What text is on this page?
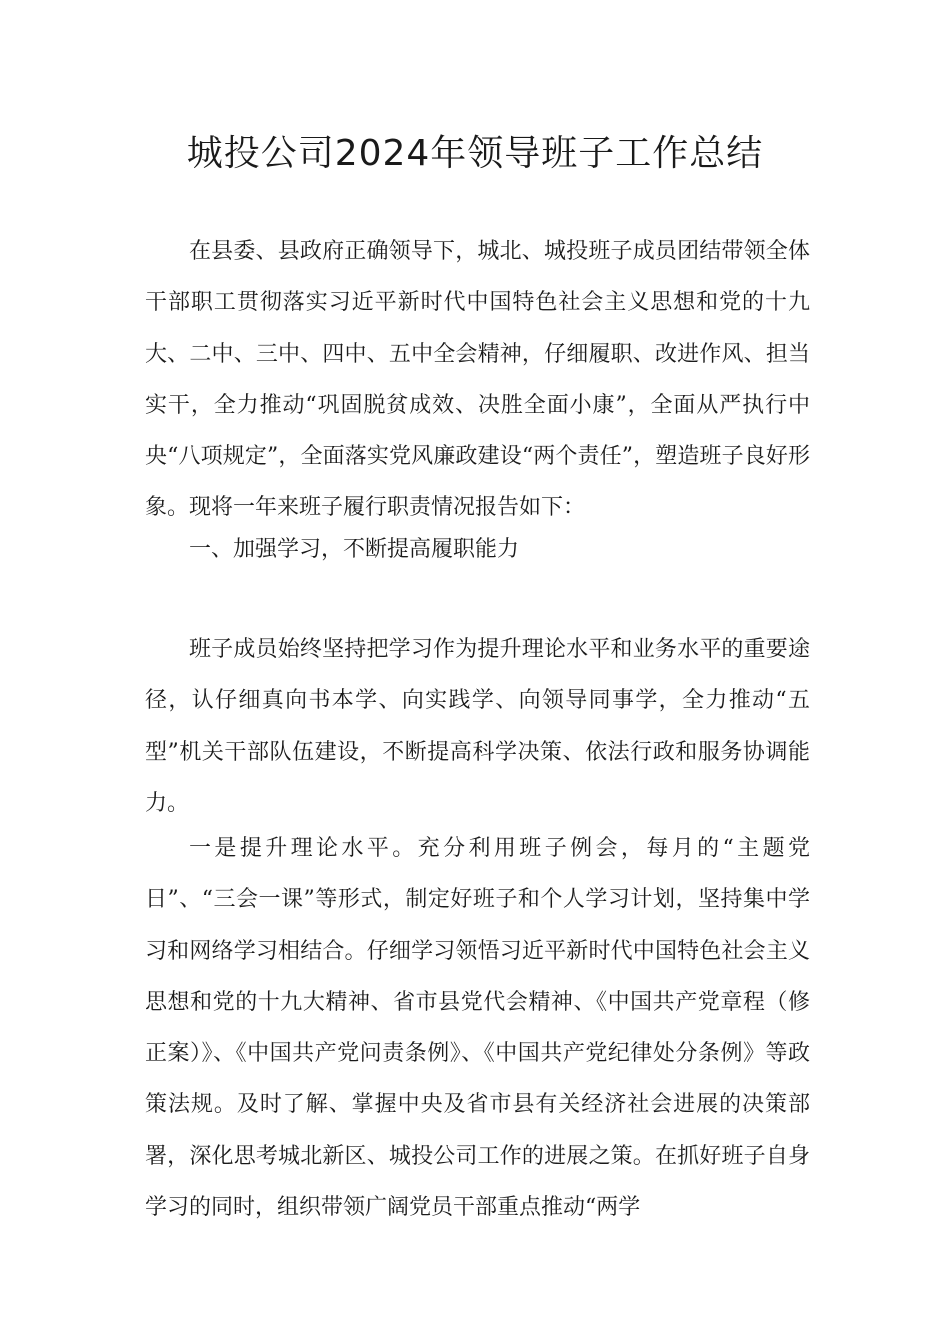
城投公司2024年领导班子工作总结

在县委、县政府正确领导下，城北、城投班子成员团结带领全体干部职工贯彻落实习近平新时代中国特色社会主义思想和党的十九大、二中、三中、四中、五中全会精神，仔细履职、改进作风、担当实干，全力推动“巩固脱贫成效、决胜全面小康”，全面从严执行中央“八项规定”，全面落实党风廉政建设“两个责任”，塑造班子良好形象。现将一年来班子履行职责情况报告如下：

一、加强学习，不断提高履职能力

班子成员始终坚持把学习作为提升理论水平和业务水平的重要途径，认仔细真向书本学、向实践学、向领导同事学，全力推动“五型”机关干部队伍建设，不断提高科学决策、依法行政和服务协调能力。

一是提升理论水平。充分利用班子例会，每月的“主题党日”、“三会一课”等形式，制定好班子和个人学习计划，坚持集中学习和网络学习相结合。仔细学习领悟习近平新时代中国特色社会主义思想和党的十九大精神、省市县党代会精神、《中国共产党章程（修正案）》、《中国共产党问责条例》、《中国共产党纪律处分条例》等政策法规。及时了解、掌握中央及省市县有关经济社会进展的决策部署，深化思考城北新区、城投公司工作的进展之策。在抓好班子自身学习的同时，组织带领广阔党员干部重点推动“两学
